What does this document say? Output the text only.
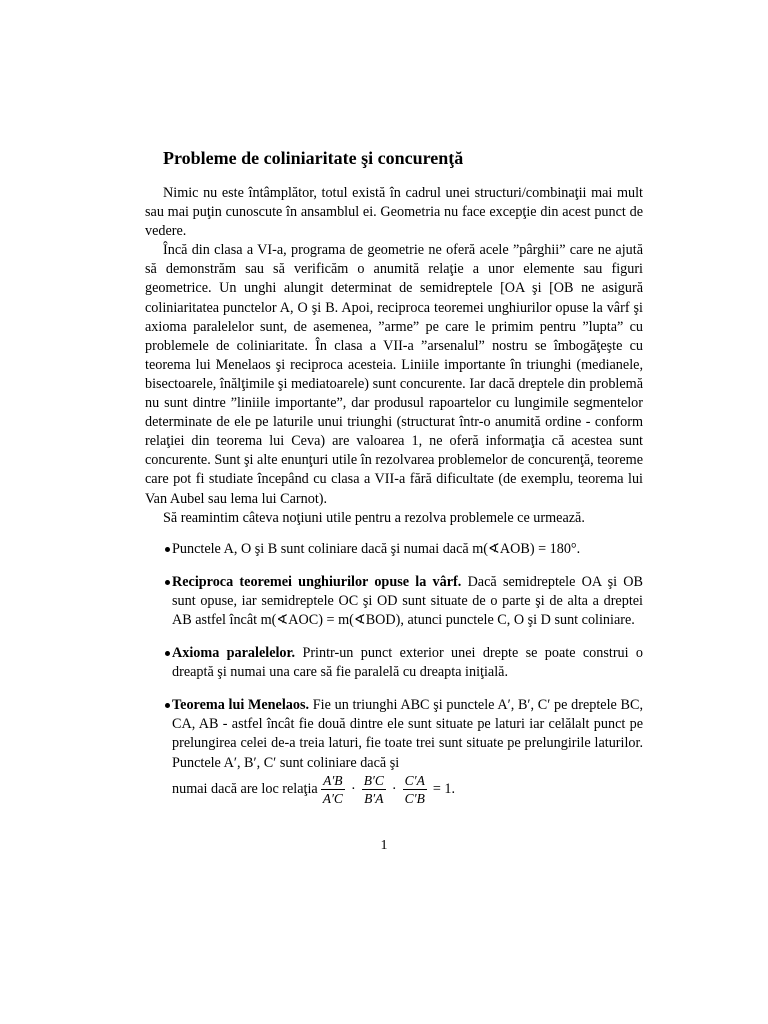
Probleme de coliniaritate şi concurenţă

Nimic nu este întâmplător, totul există în cadrul unei structuri/combinaţii mai mult sau mai puţin cunoscute în ansamblul ei. Geometria nu face excepţie din acest punct de vedere.

Încă din clasa a VI-a, programa de geometrie ne oferă acele ”pârghii” care ne ajută să demonstrăm sau să verificăm o anumită relaţie a unor elemente sau figuri geometrice. Un unghi alungit determinat de semidreptele [OA şi [OB ne asigură coliniaritatea punctelor A, O şi B. Apoi, reciproca teoremei unghiurilor opuse la vârf şi axioma paralelelor sunt, de asemenea, ”arme” pe care le primim pentru ”lupta” cu problemele de coliniaritate. În clasa a VII-a ”arsenalul” nostru se îmbogăţeşte cu teorema lui Menelaos şi reciproca acesteia. Liniile importante în triunghi (medianele, bisectoarele, înălţimile şi mediatoarele) sunt concurente. Iar dacă dreptele din problemă nu sunt dintre ”liniile importante”, dar produsul rapoartelor cu lungimile segmentelor determinate de ele pe laturile unui triunghi (structurat într-o anumită ordine - conform relaţiei din teorema lui Ceva) are valoarea 1, ne oferă informaţia că acestea sunt concurente. Sunt şi alte enunţuri utile în rezolvarea problemelor de concurenţă, teoreme care pot fi studiate începând cu clasa a VII-a fără dificultate (de exemplu, teorema lui Van Aubel sau lema lui Carnot).

Să reamintim câteva noţiuni utile pentru a rezolva problemele ce urmează.

Punctele A, O şi B sunt coliniare dacă şi numai dacă m(∢AOB) = 180°.
Reciproca teoremei unghiurilor opuse la vârf. Dacă semidreptele OA şi OB sunt opuse, iar semidreptele OC şi OD sunt situate de o parte şi de alta a dreptei AB astfel încât m(∢AOC) = m(∢BOD), atunci punctele C, O şi D sunt coliniare.
Axioma paralelelor. Printr-un punct exterior unei drepte se poate construi o dreaptă şi numai una care să fie paralelă cu dreapta iniţială.
Teorema lui Menelaos. Fie un triunghi ABC şi punctele A′, B′, C′ pe dreptele BC, CA, AB - astfel încât fie două dintre ele sunt situate pe laturi iar celălalt punct pe prelungirea celei de-a treia laturi, fie toate trei sunt situate pe prelungirile laturilor. Punctele A′, B′, C′ sunt coliniare dacă şi
numai dacă are loc relaţia $\frac{A'B}{A'C} \cdot \frac{B'C}{B'A} \cdot \frac{C'A}{C'B} = 1$.
1
